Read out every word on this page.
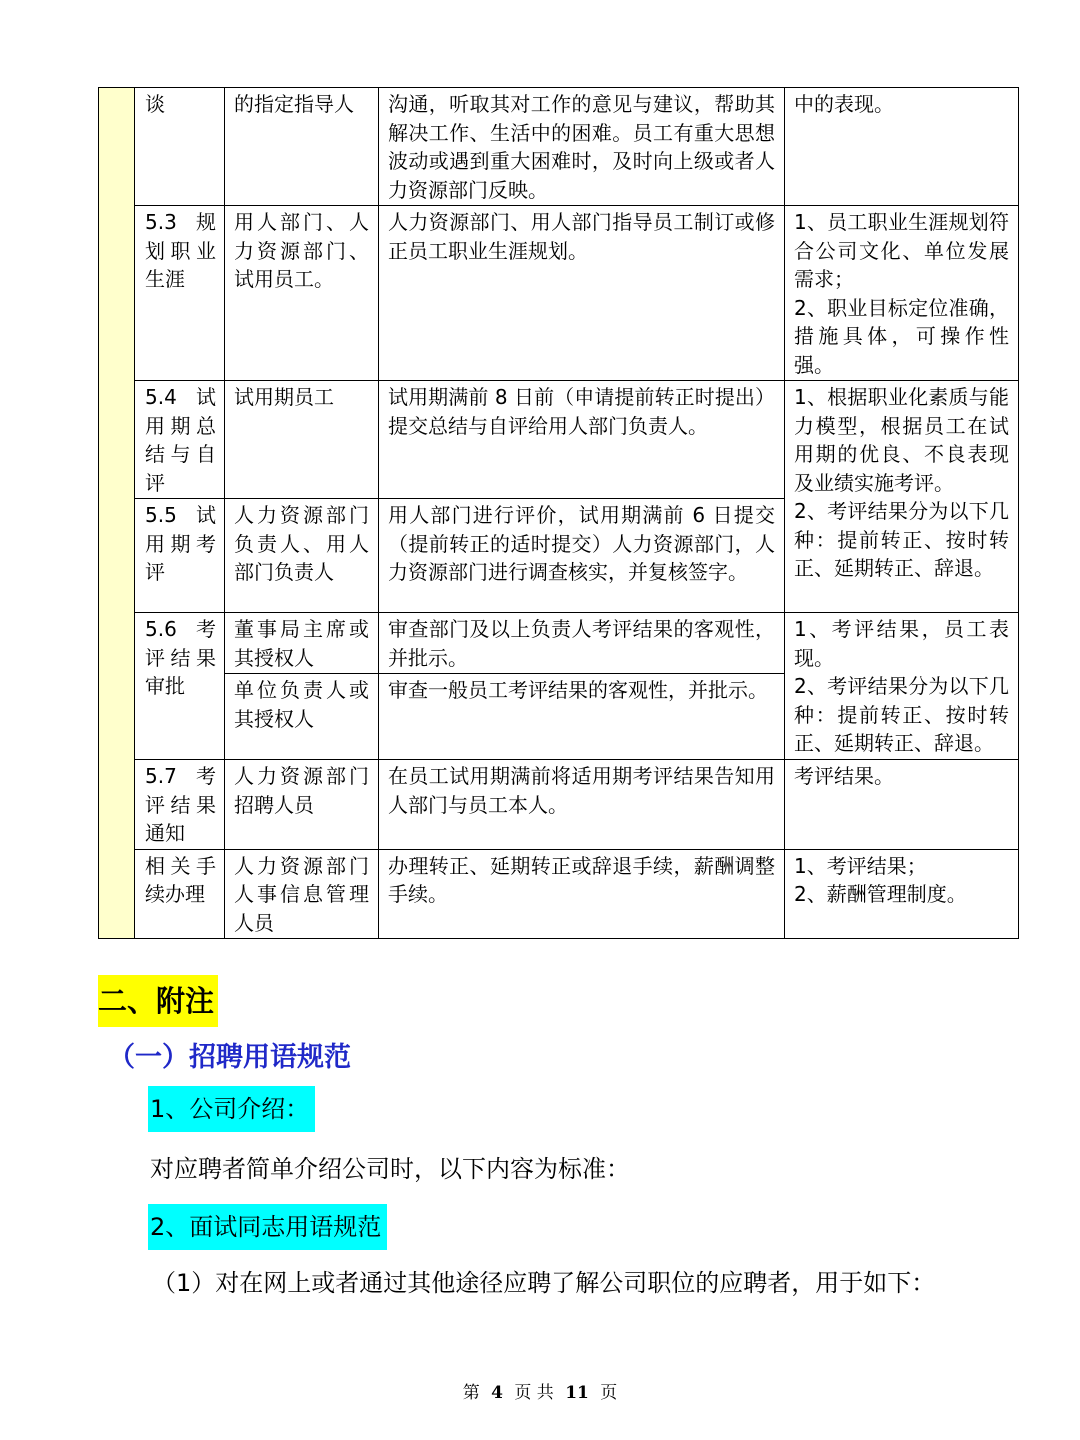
	谈	的指定指导人	沟通，听取其对工作的意见与建议，帮助其解决工作、生活中的困难。员工有重大思想波动或遇到重大困难时，及时向上级或者人力资源部门反映。	中的表现。
	5.3 规划职业生涯	用人部门、人力资源部门、试用员工。	人力资源部门、用人部门指导员工制订或修正员工职业生涯规划。	1、员工职业生涯规划符合公司文化、单位发展需求；
2、职业目标定位准确，措施具体，可操作性强。
	5.4 试用期总结与自评	试用期员工	试用期满前 8 日前（申请提前转正时提出）提交总结与自评给用人部门负责人。	1、根据职业化素质与能力模型，根据员工在试用期的优良、不良表现及业绩实施考评。
2、考评结果分为以下几种：提前转正、按时转正、延期转正、辞退。
	5.5 试用期考评	人力资源部门负责人、用人部门负责人	用人部门进行评价，试用期满前 6 日提交（提前转正的适时提交）人力资源部门，人力资源部门进行调查核实，并复核签字。	
	5.6 考评结果审批	董事局主席或其授权人	审查部门及以上负责人考评结果的客观性，并批示。	1、考评结果，员工表现。
2、考评结果分为以下几种：提前转正、按时转正、延期转正、辞退。
		单位负责人或其授权人	审查一般员工考评结果的客观性，并批示。	
	5.7 考评结果通知	人力资源部门招聘人员	在员工试用期满前将适用期考评结果告知用人部门与员工本人。	考评结果。
	相关手续办理	人力资源部门人事信息管理人员	办理转正、延期转正或辞退手续，薪酬调整手续。	1、考评结果；
2、薪酬管理制度。
二、附注
（一）招聘用语规范
1、公司介绍：
对应聘者简单介绍公司时，以下内容为标准：
2、面试同志用语规范
（1）对在网上或者通过其他途径应聘了解公司职位的应聘者，用于如下：
第 4 页 共 11 页
